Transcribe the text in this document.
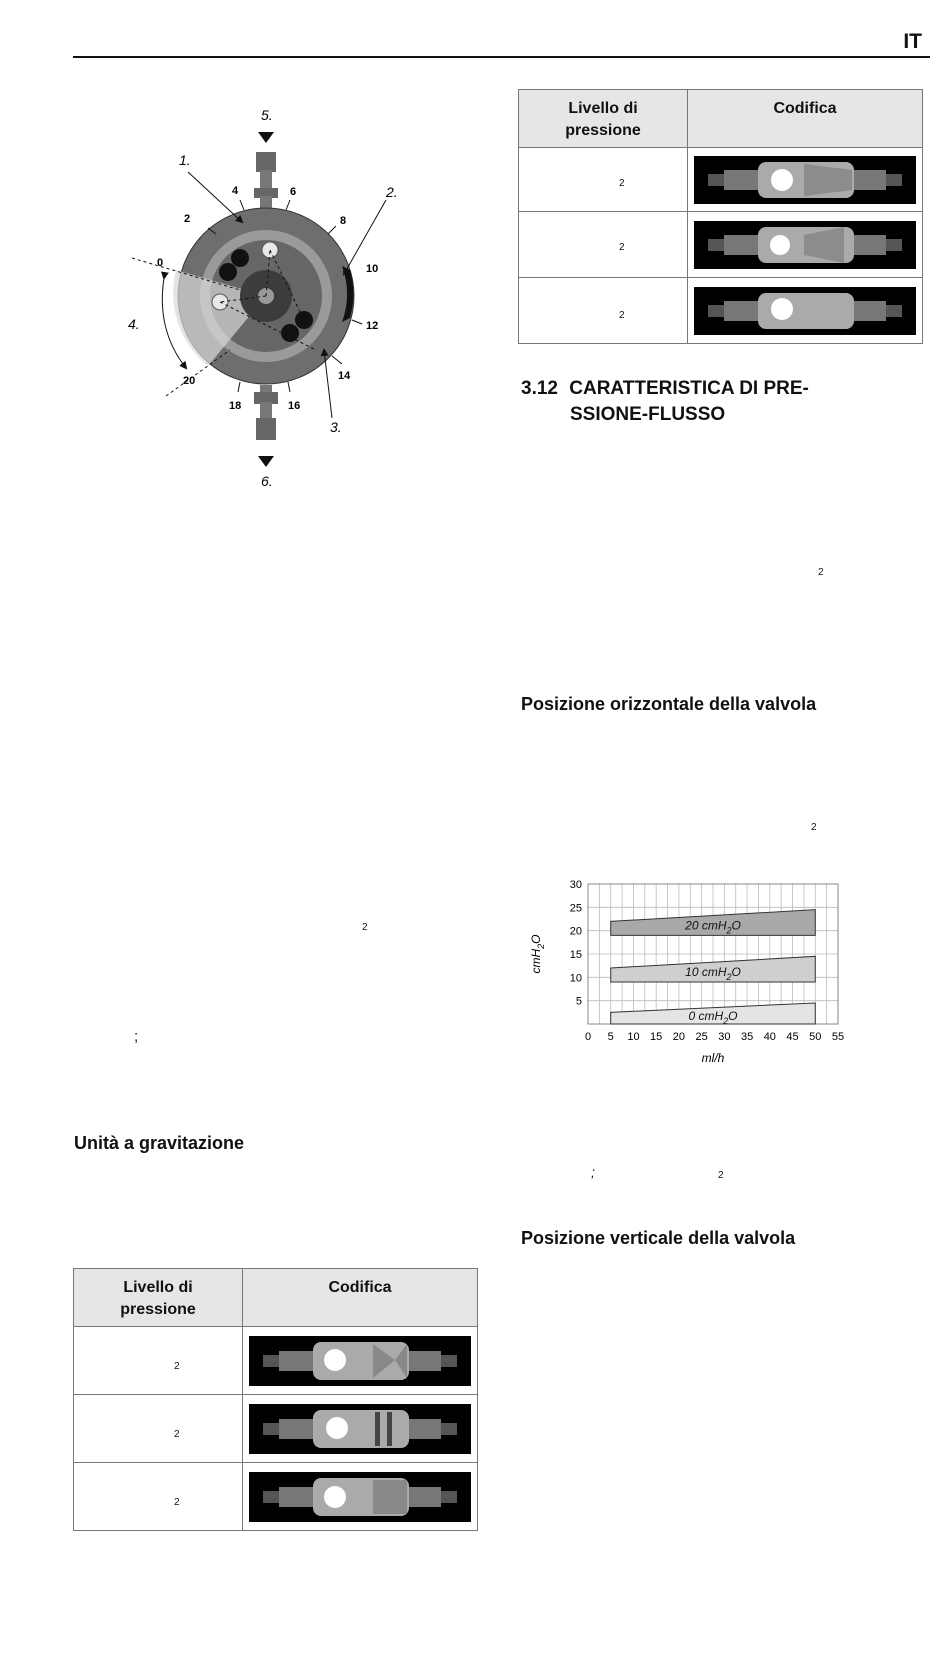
IT
5.
6.
1.
2.
3.
4.
0
2
4	6
8
10
12
14
16
18
20
Livello di
pressione	Codifica

2

2

2

3.12 CARATTERISTICA DI PRE-
SSIONE-FLUSSO
2
Posizione orizzontale della valvola
2
0 cmH$_2$O
10 cmH$_2$O
20 cmH$_2$O
0 5 10 15 20 25 30 35 40 45 50 55
5
10
15
20
25
30
ml/h
cmH$_2$O
;	2
Posizione verticale della valvola
2
;
Unità a gravitazione
Livello di
pressione	Codifica

2

2

2
